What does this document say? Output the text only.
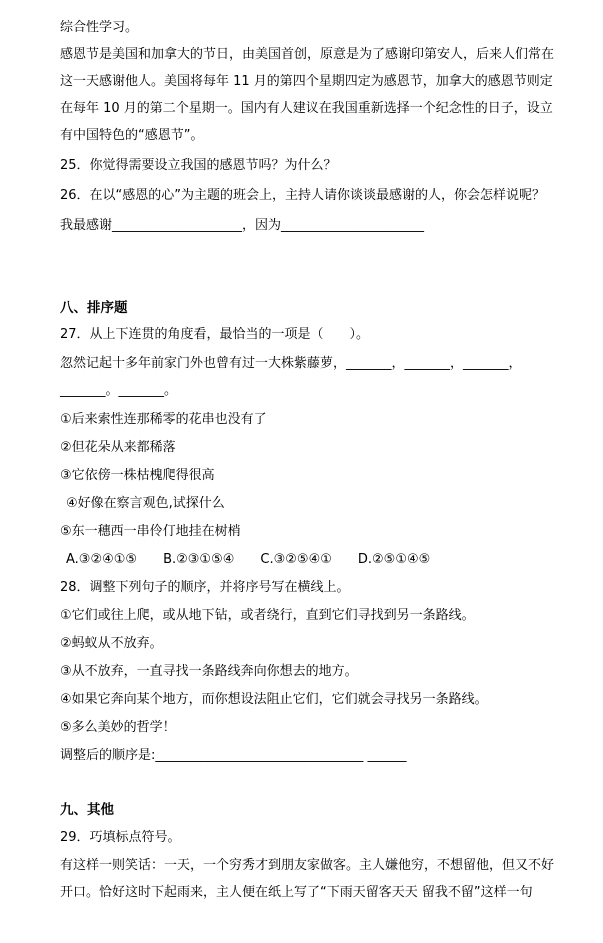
综合性学习。
感恩节是美国和加拿大的节日，由美国首创，原意是为了感谢印第安人，后来人们常在
这一天感谢他人。美国将每年 11 月的第四个星期四定为感恩节，加拿大的感恩节则定
在每年 10 月的第二个星期一。国内有人建议在我国重新选择一个纪念性的日子，设立
有中国特色的“感恩节”。
25．你觉得需要设立我国的感恩节吗？为什么？
26．在以“感恩的心”为主题的班会上，主持人请你谈谈最感谢的人，你会怎样说呢？
我最感谢____________________，因为______________________
八、排序题
27．从上下连贯的角度看，最恰当的一项是（　　）。
忽然记起十多年前家门外也曾有过一大株紫藤萝，_______，_______，_______，
_______。_______。
①后来索性连那稀零的花串也没有了
②但花朵从来都稀落
③它依傍一株枯槐爬得很高
④好像在察言观色,试探什么
⑤东一穗西一串伶仃地挂在树梢
A.③②④①⑤　　B.②③①⑤④　　C.③②⑤④①　　D.②⑤①④⑤
28．调整下列句子的顺序，并将序号写在横线上。
①它们或往上爬，或从地下钻，或者绕行，直到它们寻找到另一条路线。
②蚂蚁从不放弃。
③从不放弃，一直寻找一条路线奔向你想去的地方。
④如果它奔向某个地方，而你想设法阻止它们，它们就会寻找另一条路线。
⑤多么美妙的哲学！
调整后的顺序是:________________________________ ______
九、其他
29．巧填标点符号。
有这样一则笑话：一天，一个穷秀才到朋友家做客。主人嫌他穷，不想留他，但又不好
开口。恰好这时下起雨来，主人便在纸上写了“下雨天留客天天 留我不留”这样一句
